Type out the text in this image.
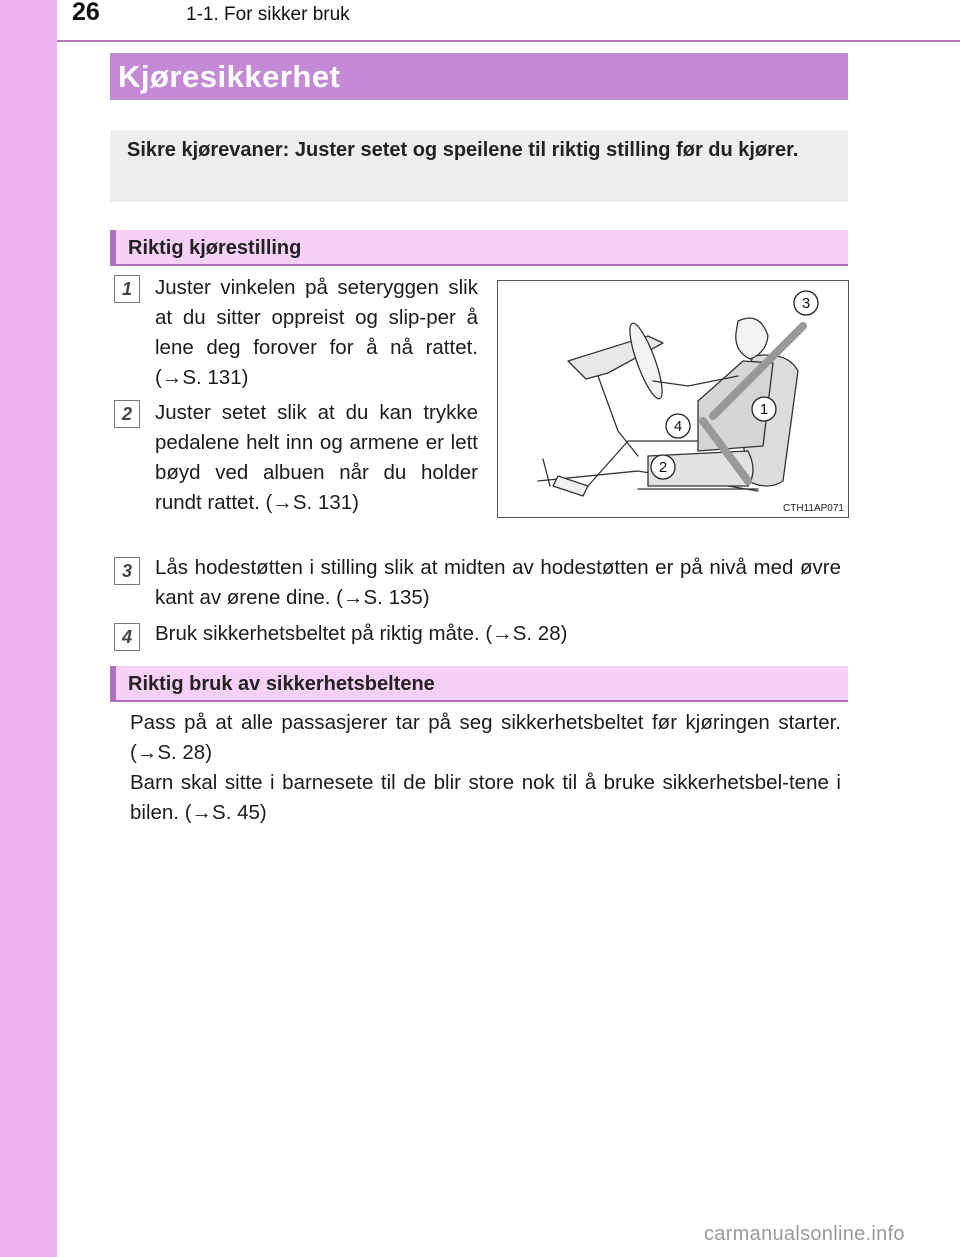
26	1-1. For sikker bruk
Kjøresikkerhet
Sikre kjørevaner: Juster setet og speilene til riktig stilling før du kjører.
Riktig kjørestilling
1	Juster vinkelen på seteryggen slik at du sitter oppreist og slip-per å lene deg forover for å nå rattet. (→S. 131)
2	Juster setet slik at du kan trykke pedalene helt inn og armene er lett bøyd ved albuen når du holder rundt rattet. (→S. 131)
3
1
4
2
CTH11AP071
3	Lås hodestøtten i stilling slik at midten av hodestøtten er på nivå med øvre kant av ørene dine. (→S. 135)
4	Bruk sikkerhetsbeltet på riktig måte. (→S. 28)
Riktig bruk av sikkerhetsbeltene
Pass på at alle passasjerer tar på seg sikkerhetsbeltet før kjøringen starter. (→S. 28)
Barn skal sitte i barnesete til de blir store nok til å bruke sikkerhetsbel-tene i bilen. (→S. 45)
carmanualsonline.info
